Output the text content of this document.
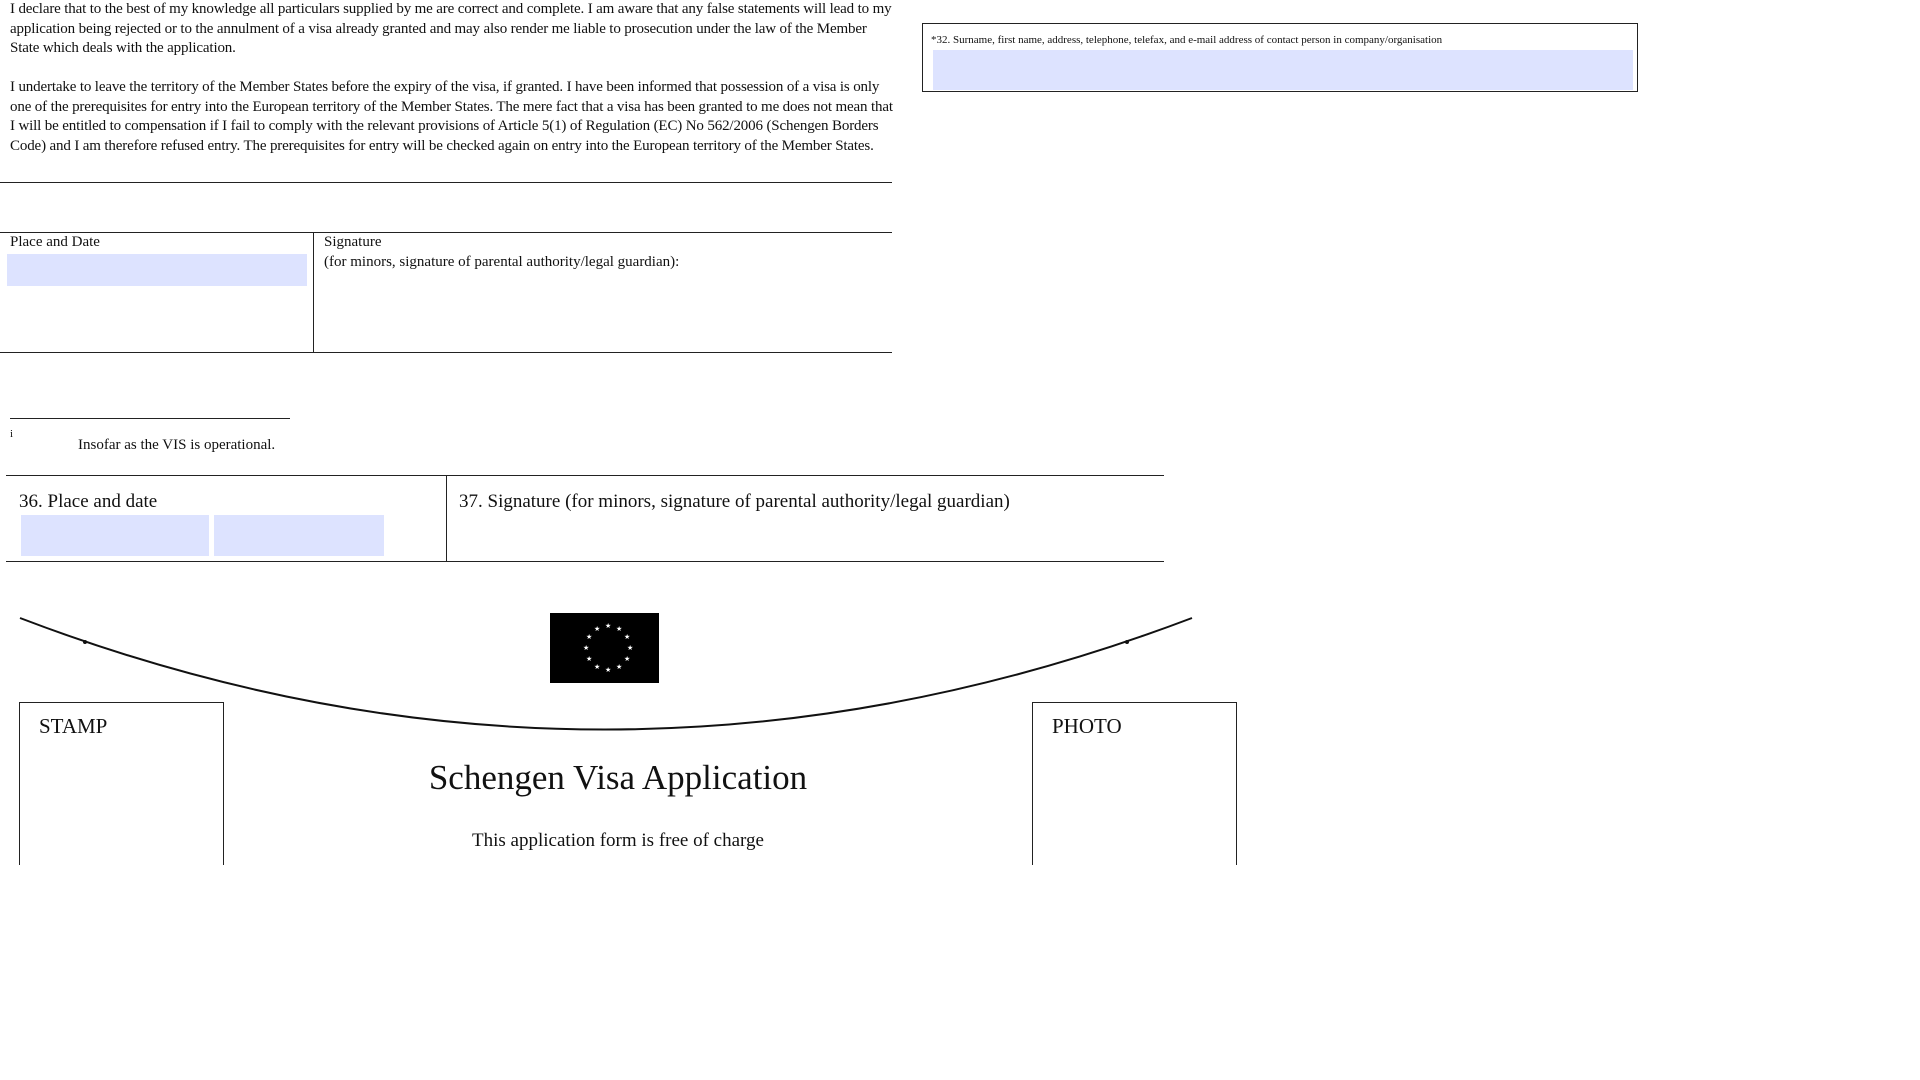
I declare that to the best of my knowledge all particulars supplied by me are correct and complete. I am aware that any false statements will lead to my application being rejected or to the annulment of a visa already granted and may also render me liable to prosecution under the law of the Member State which deals with the application.
I undertake to leave the territory of the Member States before the expiry of the visa, if granted. I have been informed that possession of a visa is only one of the prerequisites for entry into the European territory of the Member States. The mere fact that a visa has been granted to me does not mean that I will be entitled to compensation if I fail to comply with the relevant provisions of Article 5(1) of Regulation (EC) No 562/2006 (Schengen Borders Code) and I am therefore refused entry. The prerequisites for entry will be checked again on entry into the European territory of the Member States.
Place and Date	Signature
(for minors, signature of parental authority/legal guardian):
i
Insofar as the VIS is operational.
36. Place and date	37. Signature (for minors, signature of parental authority/legal guardian)
*32. Surname, first name, address, telephone, telefax, and e-mail address of contact person in company/organisation
★ ★
★
★
★
★
★
★
★
★
★
★
STAMP	PHOTO
Schengen Visa Application
This application form is free of charge
